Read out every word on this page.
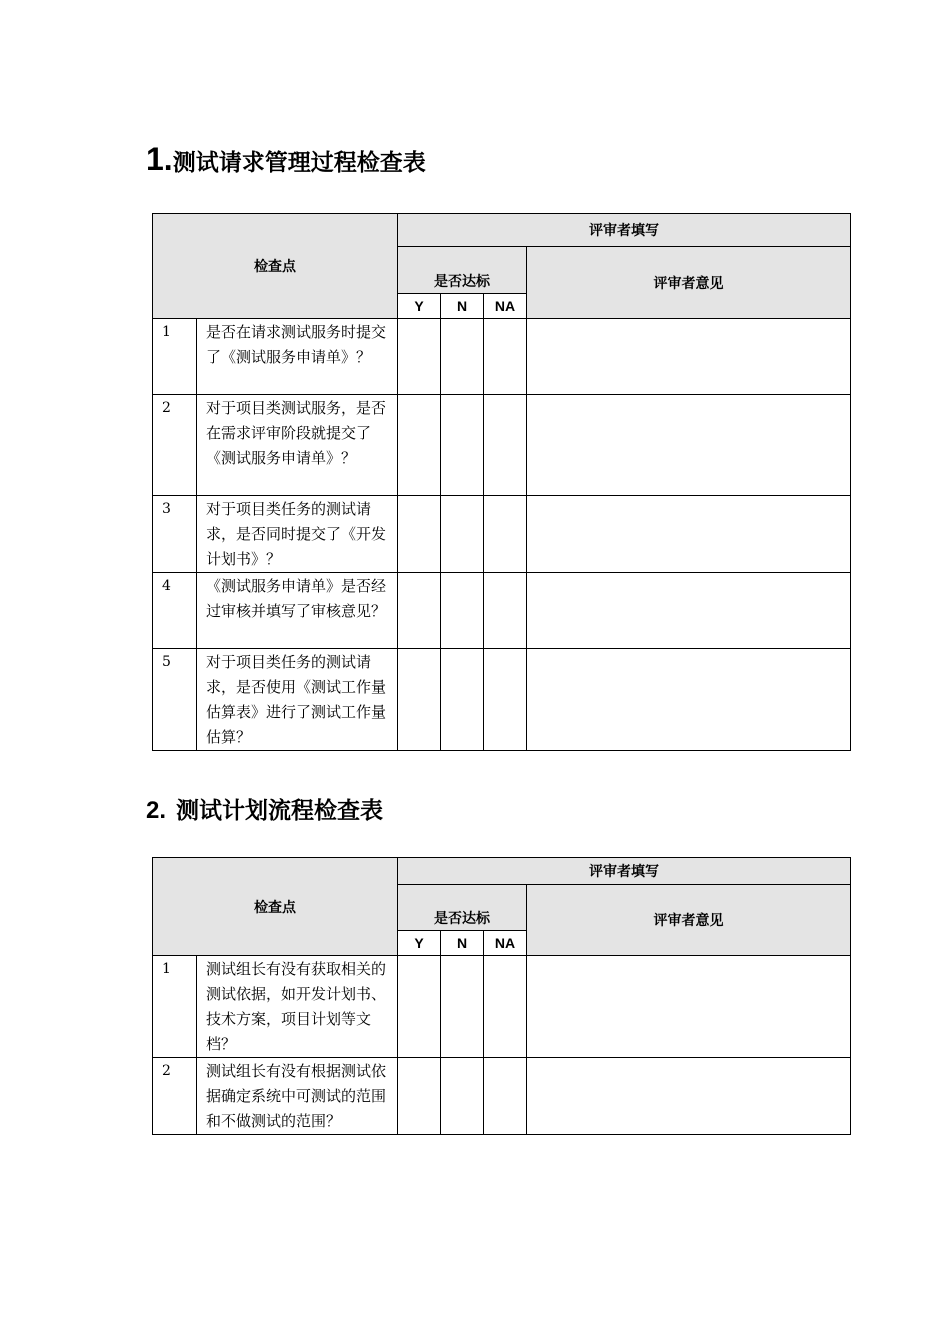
1.测试请求管理过程检查表
检查点		评审者填写			
		是否达标			评审者意见
		Y	N	NA	
1	是否在请求测试服务时提交了《测试服务申请单》？				
2	对于项目类测试服务，是否在需求评审阶段就提交了《测试服务申请单》？				
3	对于项目类任务的测试请求，是否同时提交了《开发计划书》？				
4	《测试服务申请单》是否经过审核并填写了审核意见？				
5	对于项目类任务的测试请求，是否使用《测试工作量估算表》进行了测试工作量估算？				
2. 测试计划流程检查表
检查点		评审者填写			
		是否达标			评审者意见
		Y	N	NA	
1	测试组长有没有获取相关的测试依据，如开发计划书、技术方案，项目计划等文档？				
2	测试组长有没有根据测试依据确定系统中可测试的范围和不做测试的范围？				
